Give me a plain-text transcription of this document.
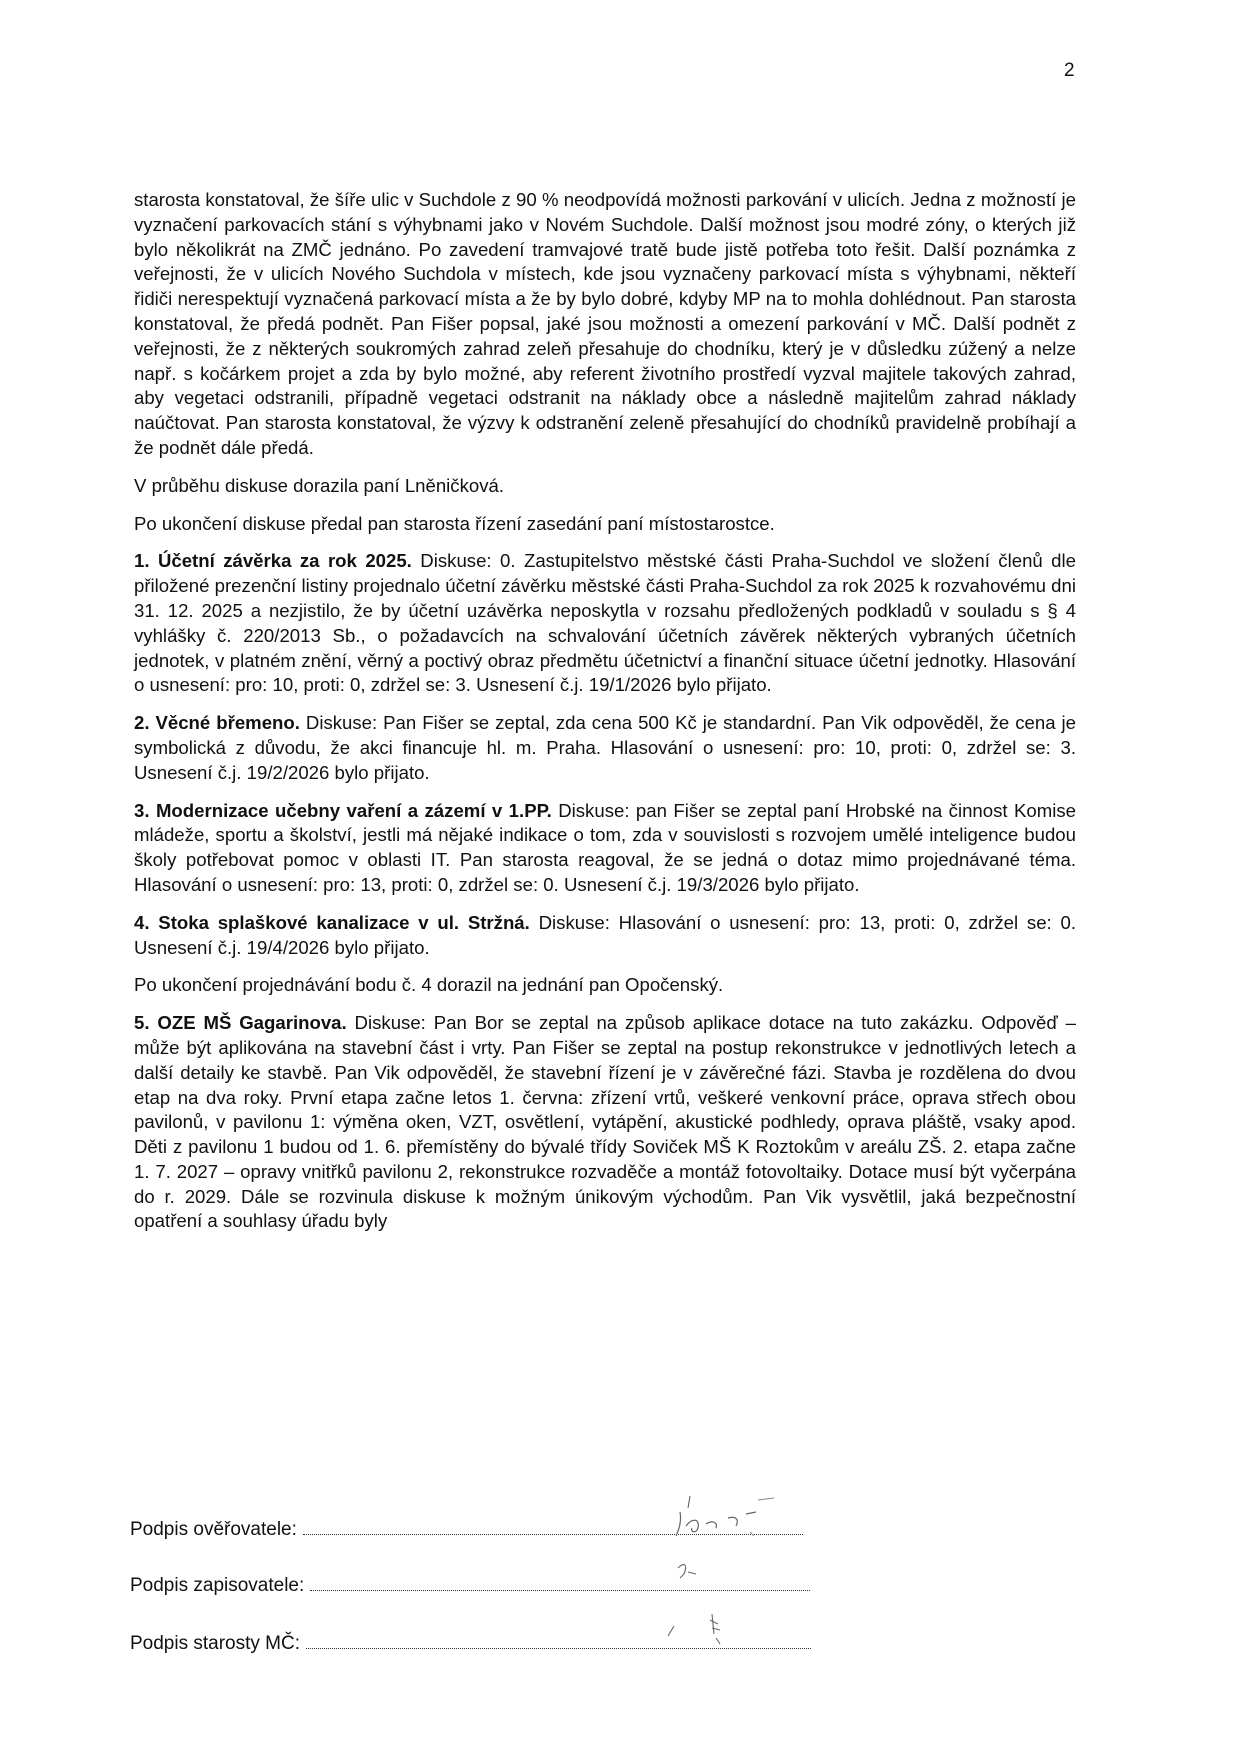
2

starosta konstatoval, že šíře ulic v Suchdole z 90 % neodpovídá možnosti parkování v ulicích. Jedna z možností je vyznačení parkovacích stání s výhybnami jako v Novém Suchdole. Další možnost jsou modré zóny, o kterých již bylo několikrát na ZMČ jednáno. Po zavedení tramvajové tratě bude jistě potřeba toto řešit. Další poznámka z veřejnosti, že v ulicích Nového Suchdola v místech, kde jsou vyznačeny parkovací místa s výhybnami, někteří řidiči nerespektují vyznačená parkovací místa a že by bylo dobré, kdyby MP na to mohla dohlédnout. Pan starosta konstatoval, že předá podnět. Pan Fišer popsal, jaké jsou možnosti a omezení parkování v MČ. Další podnět z veřejnosti, že z některých soukromých zahrad zeleň přesahuje do chodníku, který je v důsledku zúžený a nelze např. s kočárkem projet a zda by bylo možné, aby referent životního prostředí vyzval majitele takových zahrad, aby vegetaci odstranili, případně vegetaci odstranit na náklady obce a následně majitelům zahrad náklady naúčtovat. Pan starosta konstatoval, že výzvy k odstranění zeleně přesahující do chodníků pravidelně probíhají a že podnět dále předá.

V průběhu diskuse dorazila paní Lněničková.

Po ukončení diskuse předal pan starosta řízení zasedání paní místostarostce.

1. Účetní závěrka za rok 2025. Diskuse: 0. Zastupitelstvo městské části Praha-Suchdol ve složení členů dle přiložené prezenční listiny projednalo účetní závěrku městské části Praha-Suchdol za rok 2025 k rozvahovému dni 31. 12. 2025 a nezjistilo, že by účetní uzávěrka neposkytla v rozsahu předložených podkladů v souladu s § 4 vyhlášky č. 220/2013 Sb., o požadavcích na schvalování účetních závěrek některých vybraných účetních jednotek, v platném znění, věrný a poctivý obraz předmětu účetnictví a finanční situace účetní jednotky. Hlasování o usnesení: pro: 10, proti: 0, zdržel se: 3. Usnesení č.j. 19/1/2026 bylo přijato.

2. Věcné břemeno. Diskuse: Pan Fišer se zeptal, zda cena 500 Kč je standardní. Pan Vik odpověděl, že cena je symbolická z důvodu, že akci financuje hl. m. Praha. Hlasování o usnesení: pro: 10, proti: 0, zdržel se: 3. Usnesení č.j. 19/2/2026 bylo přijato.

3. Modernizace učebny vaření a zázemí v 1.PP. Diskuse: pan Fišer se zeptal paní Hrobské na činnost Komise mládeže, sportu a školství, jestli má nějaké indikace o tom, zda v souvislosti s rozvojem umělé inteligence budou školy potřebovat pomoc v oblasti IT. Pan starosta reagoval, že se jedná o dotaz mimo projednávané téma. Hlasování o usnesení: pro: 13, proti: 0, zdržel se: 0. Usnesení č.j. 19/3/2026 bylo přijato.

4. Stoka splaškové kanalizace v ul. Stržná. Diskuse: Hlasování o usnesení: pro: 13, proti: 0, zdržel se: 0. Usnesení č.j. 19/4/2026 bylo přijato.

Po ukončení projednávání bodu č. 4 dorazil na jednání pan Opočenský.

5. OZE MŠ Gagarinova. Diskuse: Pan Bor se zeptal na způsob aplikace dotace na tuto zakázku. Odpověď – může být aplikována na stavební část i vrty. Pan Fišer se zeptal na postup rekonstrukce v jednotlivých letech a další detaily ke stavbě. Pan Vik odpověděl, že stavební řízení je v závěrečné fázi. Stavba je rozdělena do dvou etap na dva roky. První etapa začne letos 1. června: zřízení vrtů, veškeré venkovní práce, oprava střech obou pavilonů, v pavilonu 1: výměna oken, VZT, osvětlení, vytápění, akustické podhledy, oprava pláště, vsaky apod. Děti z pavilonu 1 budou od 1. 6. přemístěny do bývalé třídy Soviček MŠ K Roztokům v areálu ZŠ. 2. etapa začne 1. 7. 2027 – opravy vnitřků pavilonu 2, rekonstrukce rozvaděče a montáž fotovoltaiky. Dotace musí být vyčerpána do r. 2029. Dále se rozvinula diskuse k možným únikovým východům. Pan Vik vysvětlil, jaká bezpečnostní opatření a souhlasy úřadu byly

Podpis ověřovatele:
Podpis zapisovatele:
Podpis starosty MČ:
